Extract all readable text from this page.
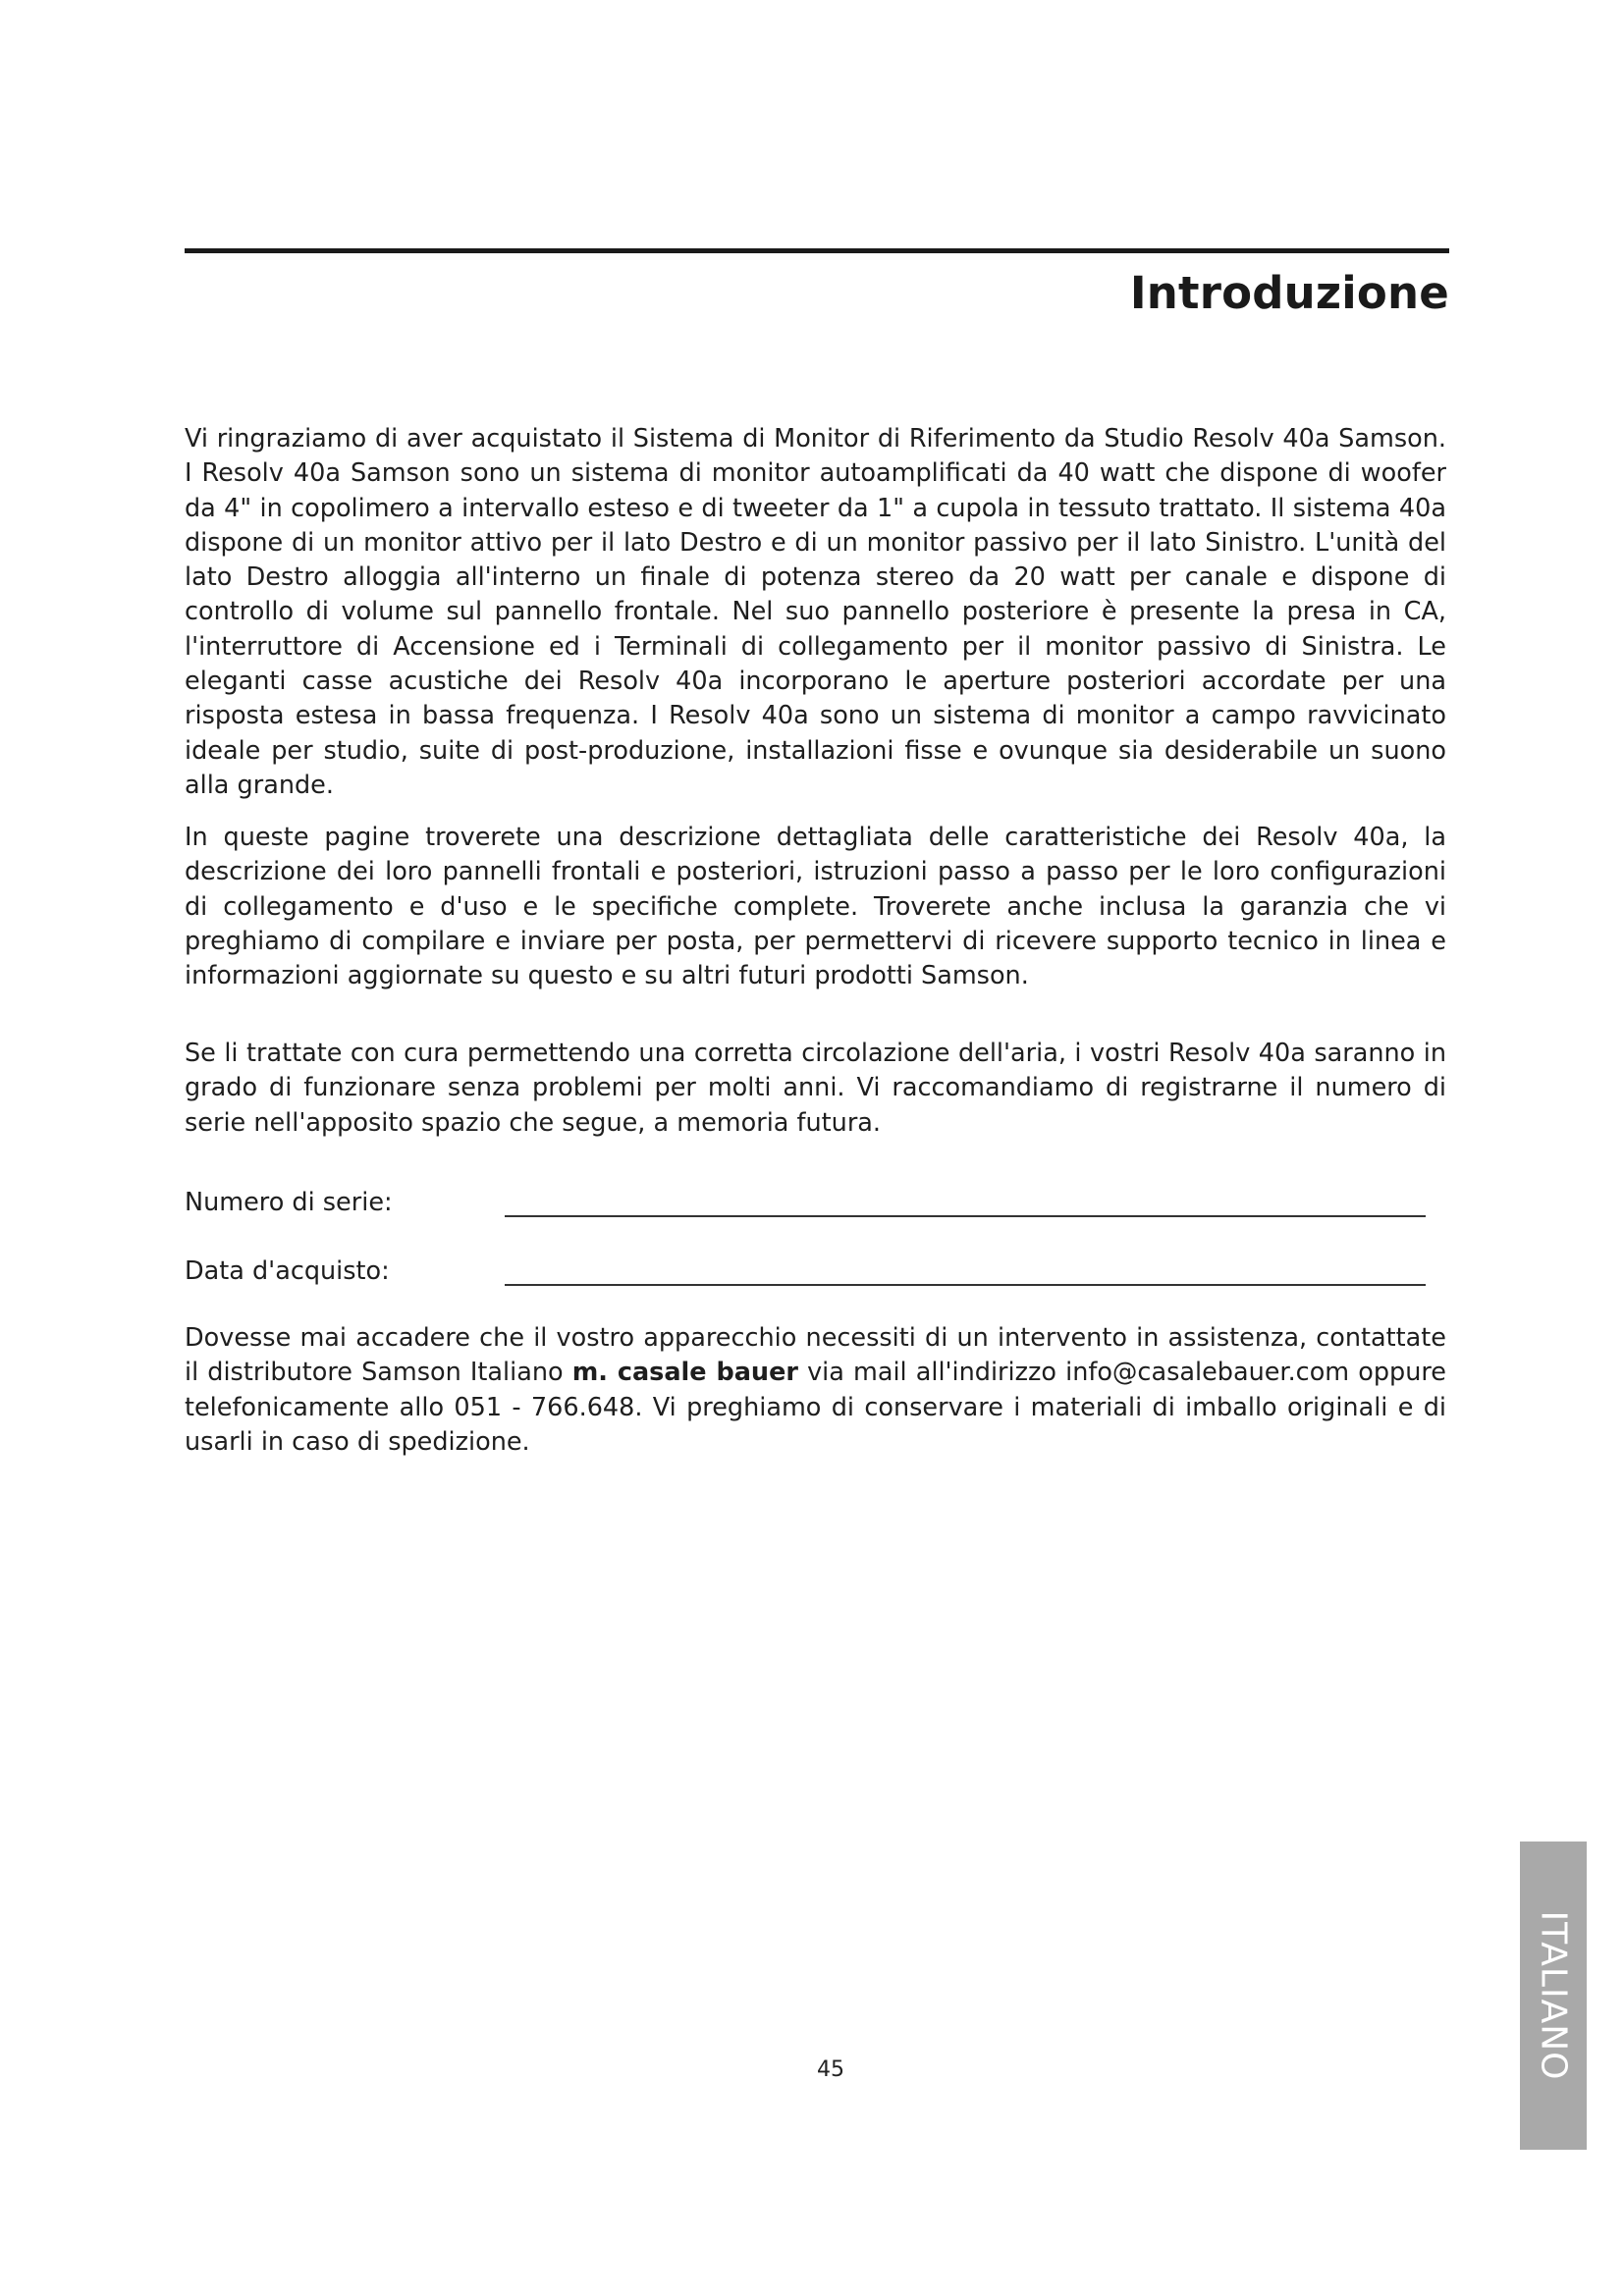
Introduzione

Vi ringraziamo di aver acquistato il Sistema di Monitor di Riferimento da Studio Resolv 40a Samson. I Resolv 40a Samson sono un sistema di monitor autoamplificati da 40 watt che dispone di woofer da 4" in copolimero a intervallo esteso e di tweeter da 1" a cupola in tessuto trattato. Il sistema 40a dispone di un monitor attivo per il lato Destro e di un monitor passivo per il lato Sinistro. L'unità del lato Destro alloggia all'interno un finale di potenza stereo da 20 watt per canale e dispone di controllo di volume sul pannello frontale. Nel suo pannello posteriore è presente la presa in CA, l'interruttore di Accensione ed i Terminali di collegamento per il monitor passivo di Sinistra. Le eleganti casse acustiche dei Resolv 40a incorporano le aperture posteriori accordate per una risposta estesa in bassa frequenza. I Resolv 40a sono un sistema di monitor a campo ravvicinato ideale per studio, suite di post-produzione, installazioni fisse e ovunque sia desiderabile un suono alla grande.

In queste pagine troverete una descrizione dettagliata delle caratteristiche dei Resolv 40a, la descrizione dei loro pannelli frontali e posteriori, istruzioni passo a passo per le loro configurazioni di collegamento e d'uso e le specifiche complete. Troverete anche inclusa la garanzia che vi preghiamo di compilare e inviare per posta, per permettervi di ricevere supporto tecnico in linea e informazioni aggiornate su questo e su altri futuri prodotti Samson.

Se li trattate con cura permettendo una corretta circolazione dell'aria, i vostri Resolv 40a saranno in grado di funzionare senza problemi per molti anni. Vi raccomandiamo di registrarne il numero di serie nell'apposito spazio che segue, a memoria futura.

Numero di serie:
Data d'acquisto:

Dovesse mai accadere che il vostro apparecchio necessiti di un intervento in assistenza, contattate il distributore Samson Italiano m. casale bauer via mail all'indirizzo info@casalebauer.com oppure telefonicamente allo 051 - 766.648. Vi preghiamo di conservare i materiali di imballo originali e di usarli in caso di spedizione.

45	ITALIANO
